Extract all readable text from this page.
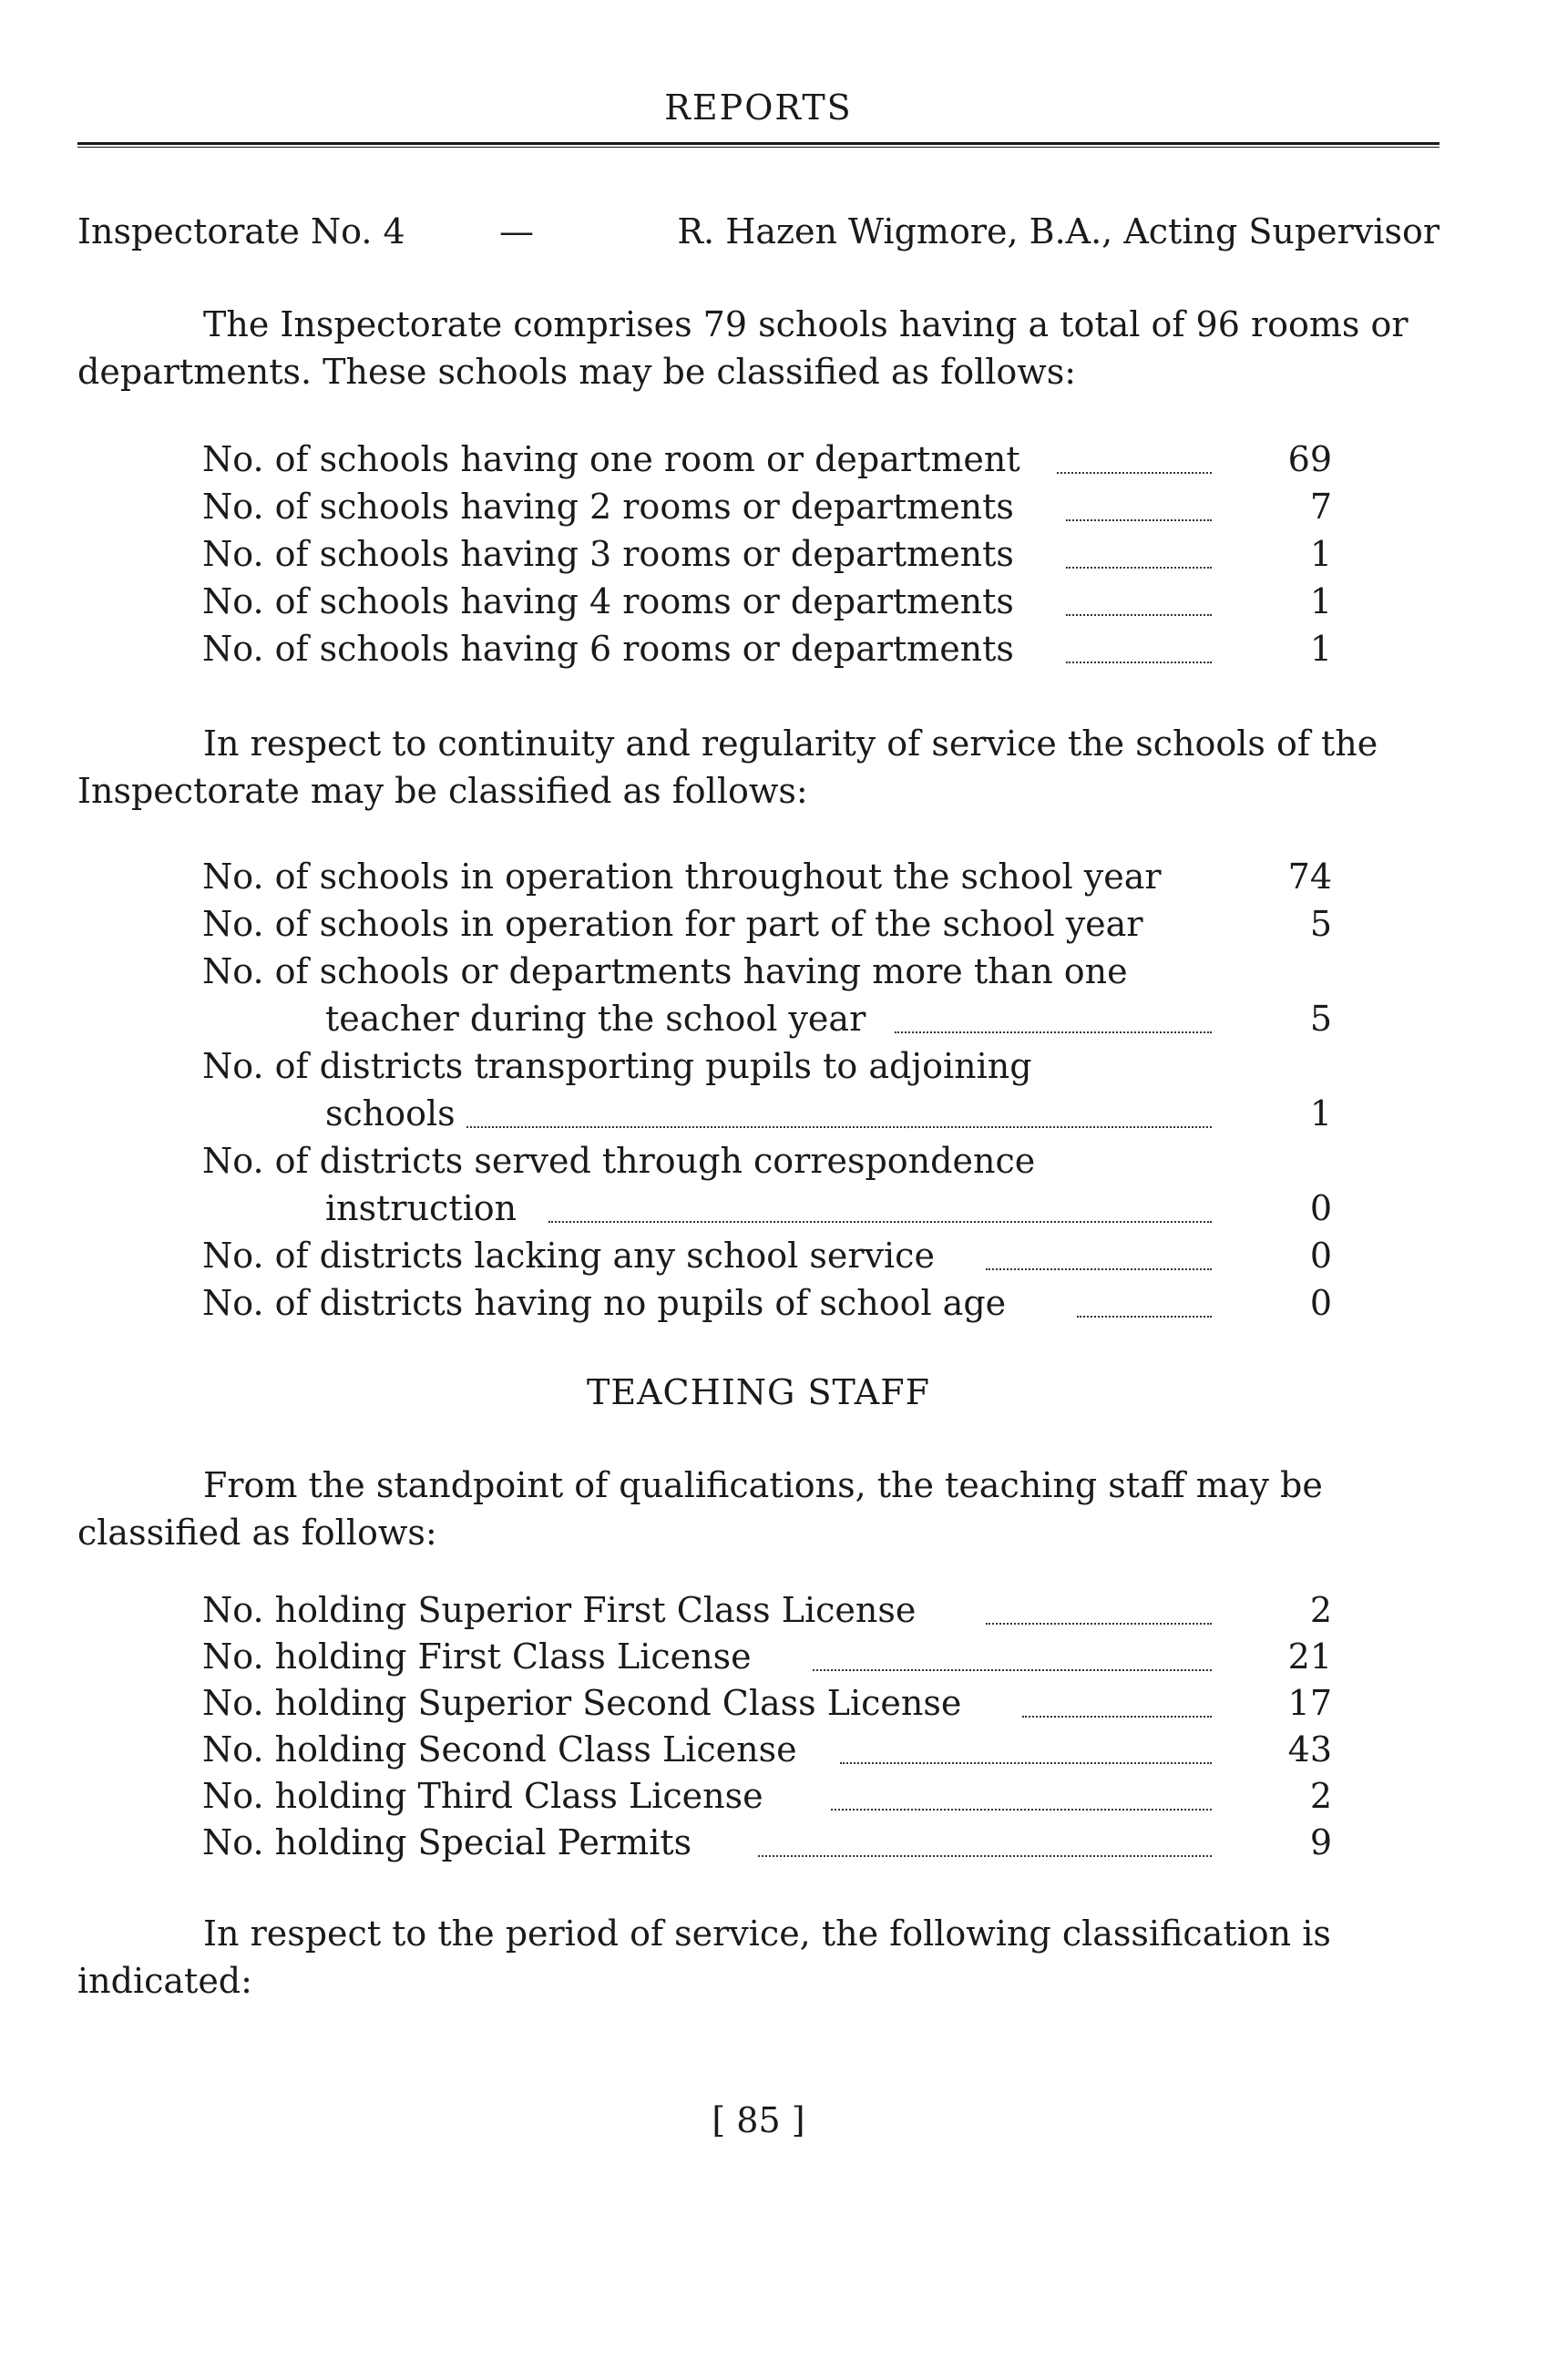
REPORTS
Inspectorate No. 4	—	R. Hazen Wigmore, B.A., Acting Supervisor
The Inspectorate comprises 79 schools having a total of 96 rooms or departments. These schools may be classified as follows:
No. of schools having one room or department	69
No. of schools having 2 rooms or departments	7
No. of schools having 3 rooms or departments	1
No. of schools having 4 rooms or departments	1
No. of schools having 6 rooms or departments	1
In respect to continuity and regularity of service the schools of the Inspectorate may be classified as follows:
No. of schools in operation throughout the school year	74
No. of schools in operation for part of the school year	5
No. of schools or departments having more than one
teacher during the school year	5
No. of districts transporting pupils to adjoining
schools	1
No. of districts served through correspondence
instruction	0
No. of districts lacking any school service	0
No. of districts having no pupils of school age	0
TEACHING STAFF
From the standpoint of qualifications, the teaching staff may be classified as follows:
No. holding Superior First Class License	2
No. holding First Class License	21
No. holding Superior Second Class License	17
No. holding Second Class License	43
No. holding Third Class License	2
No. holding Special Permits	9
In respect to the period of service, the following classification is indicated:
[ 85 ]
